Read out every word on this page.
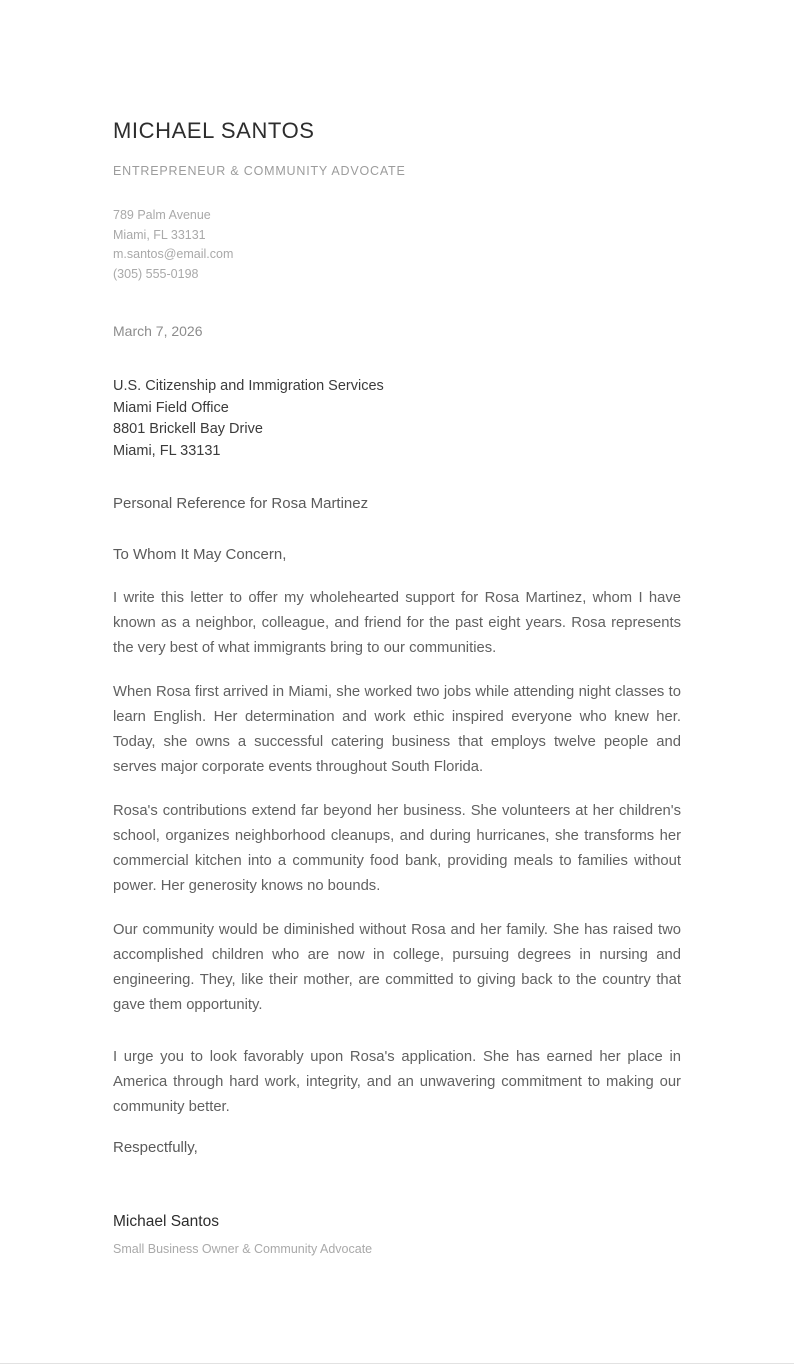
MICHAEL SANTOS
ENTREPRENEUR & COMMUNITY ADVOCATE
789 Palm Avenue
Miami, FL 33131
m.santos@email.com
(305) 555-0198
March 7, 2026
U.S. Citizenship and Immigration Services
Miami Field Office
8801 Brickell Bay Drive
Miami, FL 33131
Personal Reference for Rosa Martinez
To Whom It May Concern,

I write this letter to offer my wholehearted support for Rosa Martinez, whom I have known as a neighbor, colleague, and friend for the past eight years. Rosa represents the very best of what immigrants bring to our communities.

When Rosa first arrived in Miami, she worked two jobs while attending night classes to learn English. Her determination and work ethic inspired everyone who knew her. Today, she owns a successful catering business that employs twelve people and serves major corporate events throughout South Florida.

Rosa's contributions extend far beyond her business. She volunteers at her children's school, organizes neighborhood cleanups, and during hurricanes, she transforms her commercial kitchen into a community food bank, providing meals to families without power. Her generosity knows no bounds.

Our community would be diminished without Rosa and her family. She has raised two accomplished children who are now in college, pursuing degrees in nursing and engineering. They, like their mother, are committed to giving back to the country that gave them opportunity.

I urge you to look favorably upon Rosa's application. She has earned her place in America through hard work, integrity, and an unwavering commitment to making our community better.

Respectfully,
Michael Santos
Small Business Owner & Community Advocate
